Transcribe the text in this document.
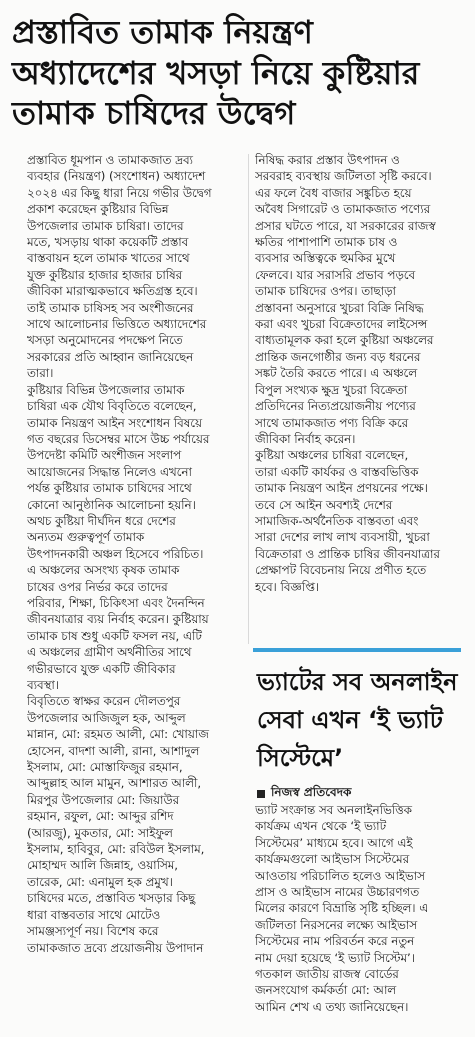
প্রস্তাবিত তামাক নিয়ন্ত্রণ
অধ্যাদেশের খসড়া নিয়ে কুষ্টিয়ার
তামাক চাষিদের উদ্বেগ
প্রস্তাবিত ধূমপান ও তামাকজাত দ্রব্য
ব্যবহার (নিয়ন্ত্রণ) (সংশোধন) অধ্যাদেশ
২০২৪ এর কিছু ধারা নিয়ে গভীর উদ্বেগ
প্রকাশ করেছেন কুষ্টিয়ার বিভিন্ন
উপজেলার তামাক চাষিরা। তাদের
মতে, খসড়ায় থাকা কয়েকটি প্রস্তাব
বাস্তবায়ন হলে তামাক খাতের সাথে
যুক্ত কুষ্টিয়ার হাজার হাজার চাষির
জীবিকা মারাত্মকভাবে ক্ষতিগ্রস্ত হবে।
তাই তামাক চাষিসহ সব অংশীজনের
সাথে আলোচনার ভিত্তিতে অধ্যাদেশের
খসড়া অনুমোদনের পদক্ষেপ নিতে
সরকারের প্রতি আহ্বান জানিয়েছেন
তারা।
কুষ্টিয়ার বিভিন্ন উপজেলার তামাক
চাষিরা এক যৌথ বিবৃতিতে বলেছেন,
তামাক নিয়ন্ত্রণ আইন সংশোধন বিষয়ে
গত বছরের ডিসেম্বর মাসে উচ্চ পর্যায়ের
উপদেষ্টা কমিটি অংশীজন সংলাপ
আয়োজনের সিদ্ধান্ত নিলেও এখনো
পর্যন্ত কুষ্টিয়ার তামাক চাষিদের সাথে
কোনো আনুষ্ঠানিক আলোচনা হয়নি।
অথচ কুষ্টিয়া দীর্ঘদিন ধরে দেশের
অন্যতম গুরুত্বপূর্ণ তামাক
উৎপাদনকারী অঞ্চল হিসেবে পরিচিত।
এ অঞ্চলের অসংখ্য কৃষক তামাক
চাষের ওপর নির্ভর করে তাদের
পরিবার, শিক্ষা, চিকিৎসা এবং দৈনন্দিন
জীবনযাত্রার ব্যয় নির্বাহ করেন। কুষ্টিয়ায়
তামাক চাষ শুধু একটি ফসল নয়, এটি
এ অঞ্চলের গ্রামীণ অর্থনীতির সাথে
গভীরভাবে যুক্ত একটি জীবিকার
ব্যবস্থা।
বিবৃতিতে স্বাক্ষর করেন দৌলতপুর
উপজেলার আজিজুল হক, আব্দুল
মান্নান, মো: রহমত আলী, মো: খোয়াজ
হোসেন, বাদশা আলী, রানা, আশাদুল
ইসলাম, মো: মোস্তাফিজুর রহমান,
আব্দুল্লাহ আল মামুন, আশারত আলী,
মিরপুর উপজেলার মো: জিয়াউর
রহমান, রফুল, মো: আব্দুর রশিদ
(আরজু), মুকতার, মো: সাইফুল
ইসলাম, হাবিবুর, মো: রবিউল ইসলাম,
মোহাম্মদ আলি জিন্নাহ, ওয়াসিম,
তারেক, মো: এনামুল হক প্রমুখ।
চাষিদের মতে, প্রস্তাবিত খসড়ার কিছু
ধারা বাস্তবতার সাথে মোটেও
সামঞ্জস্যপূর্ণ নয়। বিশেষ করে
তামাকজাত দ্রব্যে প্রয়োজনীয় উপাদান
নিষিদ্ধ করার প্রস্তাব উৎপাদন ও
সরবরাহ ব্যবস্থায় জটিলতা সৃষ্টি করবে।
এর ফলে বৈধ বাজার সঙ্কুচিত হয়ে
অবৈধ সিগারেট ও তামাকজাত পণ্যের
প্রসার ঘটতে পারে, যা সরকারের রাজস্ব
ক্ষতির পাশাপাশি তামাক চাষ ও
ব্যবসার অস্তিত্বকে হুমকির মুখে
ফেলবে। যার সরাসরি প্রভাব পড়বে
তামাক চাষিদের ওপর। তাছাড়া
প্রস্তাবনা অনুসারে খুচরা বিক্রি নিষিদ্ধ
করা এবং খুচরা বিক্রেতাদের লাইসেন্স
বাধ্যতামূলক করা হলে কুষ্টিয়া অঞ্চলের
প্রান্তিক জনগোষ্ঠীর জন্য বড় ধরনের
সঙ্কট তৈরি করতে পারে। এ অঞ্চলে
বিপুল সংখ্যক ক্ষুদ্র খুচরা বিক্রেতা
প্রতিদিনের নিত্যপ্রয়োজনীয় পণ্যের
সাথে তামাকজাত পণ্য বিক্রি করে
জীবিকা নির্বাহ করেন।
কুষ্টিয়া অঞ্চলের চাষিরা বলেছেন,
তারা একটি কার্যকর ও বাস্তবভিত্তিক
তামাক নিয়ন্ত্রণ আইন প্রণয়নের পক্ষে।
তবে সে আইন অবশ্যই দেশের
সামাজিক-অর্থনৈতিক বাস্তবতা এবং
সারা দেশের লাখ লাখ ব্যবসায়ী, খুচরা
বিক্রেতারা ও প্রান্তিক চাষির জীবনযাত্রার
প্রেক্ষাপট বিবেচনায় নিয়ে প্রণীত হতে
হবে। বিজ্ঞপ্তি।
ভ্যাটের সব অনলাইন
সেবা এখন ‘ই ভ্যাট
সিস্টেমে’
নিজস্ব প্রতিবেদক
ভ্যাট সংক্রান্ত সব অনলাইনভিত্তিক
কার্যক্রম এখন থেকে ‘ই ভ্যাট
সিস্টেমের’ মাধ্যমে হবে। আগে এই
কার্যক্রমগুলো আইভাস সিস্টেমের
আওতায় পরিচালিত হলেও আইভাস
প্রাস ও আইভাস নামের উচ্চারণগত
মিলের কারণে বিভ্রান্তি সৃষ্টি হচ্ছিল। এ
জটিলতা নিরসনের লক্ষ্যে আইভাস
সিস্টেমের নাম পরিবর্তন করে নতুন
নাম দেয়া হয়েছে ‘ই ভ্যাট সিস্টেম’।
গতকাল জাতীয় রাজস্ব বোর্ডের
জনসংযোগ কর্মকর্তা মো: আল
আমিন শেখ এ তথ্য জানিয়েছেন।
